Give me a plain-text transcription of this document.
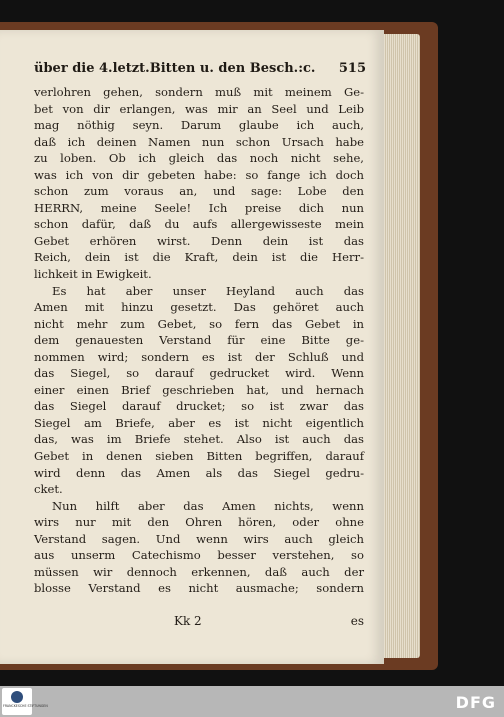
über die 4.letzt.Bitten u. den Besch.:c. 515
verlohren gehen, sondern muß mit meinem Ge-
bet von dir erlangen, was mir an Seel und Leib
mag nöthig seyn. Darum glaube ich auch,
daß ich deinen Namen nun schon Ursach habe
zu loben. Ob ich gleich das noch nicht sehe,
was ich von dir gebeten habe: so fange ich doch
schon zum voraus an, und sage: Lobe den
HERRN, meine Seele! Ich preise dich nun
schon dafür, daß du aufs allergewisseste mein
Gebet erhören wirst. Denn dein ist das
Reich, dein ist die Kraft, dein ist die Herr-
lichkeit in Ewigkeit.
Es hat aber unser Heyland auch das
Amen mit hinzu gesetzt. Das gehöret auch
nicht mehr zum Gebet, so fern das Gebet in
dem genauesten Verstand für eine Bitte ge-
nommen wird; sondern es ist der Schluß und
das Siegel, so darauf gedrucket wird. Wenn
einer einen Brief geschrieben hat, und hernach
das Siegel darauf drucket; so ist zwar das
Siegel am Briefe, aber es ist nicht eigentlich
das, was im Briefe stehet. Also ist auch das
Gebet in denen sieben Bitten begriffen, darauf
wird denn das Amen als das Siegel gedru-
cket.
Nun hilft aber das Amen nichts, wenn
wirs nur mit den Ohren hören, oder ohne
Verstand sagen. Und wenn wirs auch gleich
aus unserm Catechismo besser verstehen, so
müssen wir dennoch erkennen, daß auch der
blosse Verstand es nicht ausmache; sondern
Kk 2	es
FRANCKESCHE STIFTUNGEN	DFG
